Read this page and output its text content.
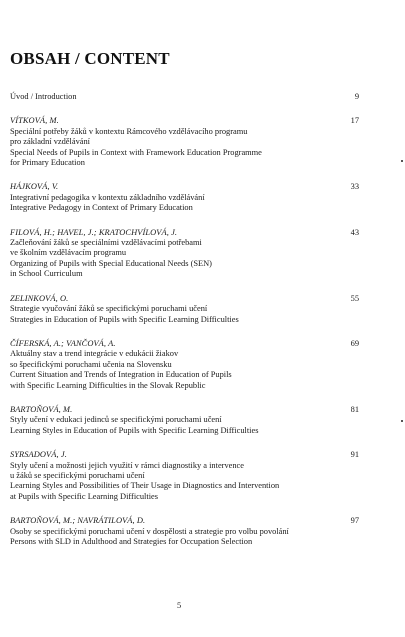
OBSAH / CONTENT
9
Úvod / Introduction
17
VÍTKOVÁ, M.
Speciální potřeby žáků v kontextu Rámcového vzdělávacího programu
pro základní vzdělávání
Special Needs of Pupils in Context with Framework Education Programme
for Primary Education
33
HÁJKOVÁ, V.
Integrativní pedagogika v kontextu základního vzdělávání
Integrative Pedagogy in Context of Primary Education
43
FILOVÁ, H.; HAVEL, J.; KRATOCHVÍLOVÁ, J.
Začleňování žáků se speciálními vzdělávacími potřebami
ve školním vzdělávacím programu
Organizing of Pupils with Special Educational Needs (SEN)
in School Curriculum
55
ZELINKOVÁ, O.
Strategie vyučování žáků se specifickými poruchami učení
Strategies in Education of Pupils with Specific Learning Difficulties
69
ČÍFERSKÁ, A.; VANČOVÁ, A.
Aktuálny stav a trend integrácie v edukácii žiakov
so špecifickými poruchami učenia na Slovensku
Current Situation and Trends of Integration in Education of Pupils
with Specific Learning Difficulties in the Slovak Republic
81
BARTOŇOVÁ, M.
Styly učení v edukaci jedinců se specifickými poruchami učení
Learning Styles in Education of Pupils with Specific Learning Difficulties
91
SYRSADOVÁ, J.
Styly učení a možnosti jejich využití v rámci diagnostiky a intervence
u žáků se specifickými poruchami učení
Learning Styles and Possibilities of Their Usage in Diagnostics and Intervention
at Pupils with Specific Learning Difficulties
97
BARTOŇOVÁ, M.; NAVRÁTILOVÁ, D.
Osoby se specifickými poruchami učení v dospělosti a strategie pro volbu povolání
Persons with SLD in Adulthood and Strategies for Occupation Selection
5
